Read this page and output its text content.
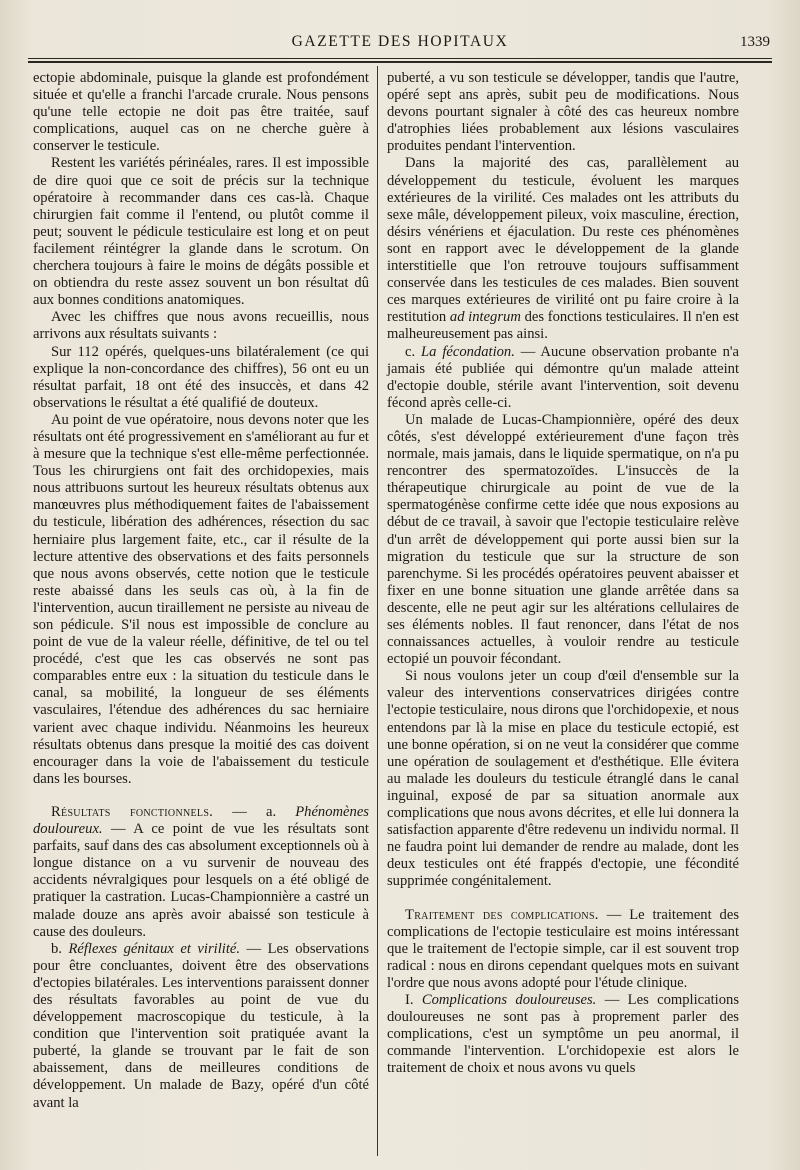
GAZETTE DES HOPITAUX	1339

ectopie abdominale, puisque la glande est profondément située et qu'elle a franchi l'arcade crurale. Nous pensons qu'une telle ectopie ne doit pas être traitée, sauf complications, auquel cas on ne cherche guère à conserver le testicule.

Restent les variétés périnéales, rares. Il est impossible de dire quoi que ce soit de précis sur la technique opératoire à recommander dans ces cas-là. Chaque chirurgien fait comme il l'entend, ou plutôt comme il peut; souvent le pédicule testiculaire est long et on peut facilement réintégrer la glande dans le scrotum. On cherchera toujours à faire le moins de dégâts possible et on obtiendra du reste assez souvent un bon résultat dû aux bonnes conditions anatomiques.

Avec les chiffres que nous avons recueillis, nous arrivons aux résultats suivants :

Sur 112 opérés, quelques-uns bilatéralement (ce qui explique la non-concordance des chiffres), 56 ont eu un résultat parfait, 18 ont été des insuccès, et dans 42 observations le résultat a été qualifié de douteux.

Au point de vue opératoire, nous devons noter que les résultats ont été progressivement en s'améliorant au fur et à mesure que la technique s'est elle-même perfectionnée. Tous les chirurgiens ont fait des orchidopexies, mais nous attribuons surtout les heureux résultats obtenus aux manœuvres plus méthodiquement faites de l'abaissement du testicule, libération des adhérences, résection du sac herniaire plus largement faite, etc., car il résulte de la lecture attentive des observations et des faits personnels que nous avons observés, cette notion que le testicule reste abaissé dans les seuls cas où, à la fin de l'intervention, aucun tiraillement ne persiste au niveau de son pédicule. S'il nous est impossible de conclure au point de vue de la valeur réelle, définitive, de tel ou tel procédé, c'est que les cas observés ne sont pas comparables entre eux : la situation du testicule dans le canal, sa mobilité, la longueur de ses éléments vasculaires, l'étendue des adhérences du sac herniaire varient avec chaque individu. Néanmoins les heureux résultats obtenus dans presque la moitié des cas doivent encourager dans la voie de l'abaissement du testicule dans les bourses.

Résultats fonctionnels. — a. Phénomènes douloureux. — A ce point de vue les résultats sont parfaits, sauf dans des cas absolument exceptionnels où à longue distance on a vu survenir de nouveau des accidents névralgiques pour lesquels on a été obligé de pratiquer la castration. Lucas-Championnière a castré un malade douze ans après avoir abaissé son testicule à cause des douleurs.

b. Réflexes génitaux et virilité. — Les observations pour être concluantes, doivent être des observations d'ectopies bilatérales. Les interventions paraissent donner des résultats favorables au point de vue du développement macroscopique du testicule, à la condition que l'intervention soit pratiquée avant la puberté, la glande se trouvant par le fait de son abaissement, dans de meilleures conditions de développement. Un malade de Bazy, opéré d'un côté avant la

puberté, a vu son testicule se développer, tandis que l'autre, opéré sept ans après, subit peu de modifications. Nous devons pourtant signaler à côté des cas heureux nombre d'atrophies liées probablement aux lésions vasculaires produites pendant l'intervention.

Dans la majorité des cas, parallèlement au développement du testicule, évoluent les marques extérieures de la virilité. Ces malades ont les attributs du sexe mâle, développement pileux, voix masculine, érection, désirs vénériens et éjaculation. Du reste ces phénomènes sont en rapport avec le développement de la glande interstitielle que l'on retrouve toujours suffisamment conservée dans les testicules de ces malades. Bien souvent ces marques extérieures de virilité ont pu faire croire à la restitution ad integrum des fonctions testiculaires. Il n'en est malheureusement pas ainsi.

c. La fécondation. — Aucune observation probante n'a jamais été publiée qui démontre qu'un malade atteint d'ectopie double, stérile avant l'intervention, soit devenu fécond après celle-ci.

Un malade de Lucas-Championnière, opéré des deux côtés, s'est développé extérieurement d'une façon très normale, mais jamais, dans le liquide spermatique, on n'a pu rencontrer des spermatozoïdes. L'insuccès de la thérapeutique chirurgicale au point de vue de la spermatogénèse confirme cette idée que nous exposions au début de ce travail, à savoir que l'ectopie testiculaire relève d'un arrêt de développement qui porte aussi bien sur la migration du testicule que sur la structure de son parenchyme. Si les procédés opératoires peuvent abaisser et fixer en une bonne situation une glande arrêtée dans sa descente, elle ne peut agir sur les altérations cellulaires de ses éléments nobles. Il faut renoncer, dans l'état de nos connaissances actuelles, à vouloir rendre au testicule ectopié un pouvoir fécondant.

Si nous voulons jeter un coup d'œil d'ensemble sur la valeur des interventions conservatrices dirigées contre l'ectopie testiculaire, nous dirons que l'orchidopexie, et nous entendons par là la mise en place du testicule ectopié, est une bonne opération, si on ne veut la considérer que comme une opération de soulagement et d'esthétique. Elle évitera au malade les douleurs du testicule étranglé dans le canal inguinal, exposé de par sa situation anormale aux complications que nous avons décrites, et elle lui donnera la satisfaction apparente d'être redevenu un individu normal. Il ne faudra point lui demander de rendre au malade, dont les deux testicules ont été frappés d'ectopie, une fécondité supprimée congénitalement.

Traitement des complications. — Le traitement des complications de l'ectopie testiculaire est moins intéressant que le traitement de l'ectopie simple, car il est souvent trop radical : nous en dirons cependant quelques mots en suivant l'ordre que nous avons adopté pour l'étude clinique.

I. Complications douloureuses. — Les complications douloureuses ne sont pas à proprement parler des complications, c'est un symptôme un peu anormal, il commande l'intervention. L'orchidopexie est alors le traitement de choix et nous avons vu quels
